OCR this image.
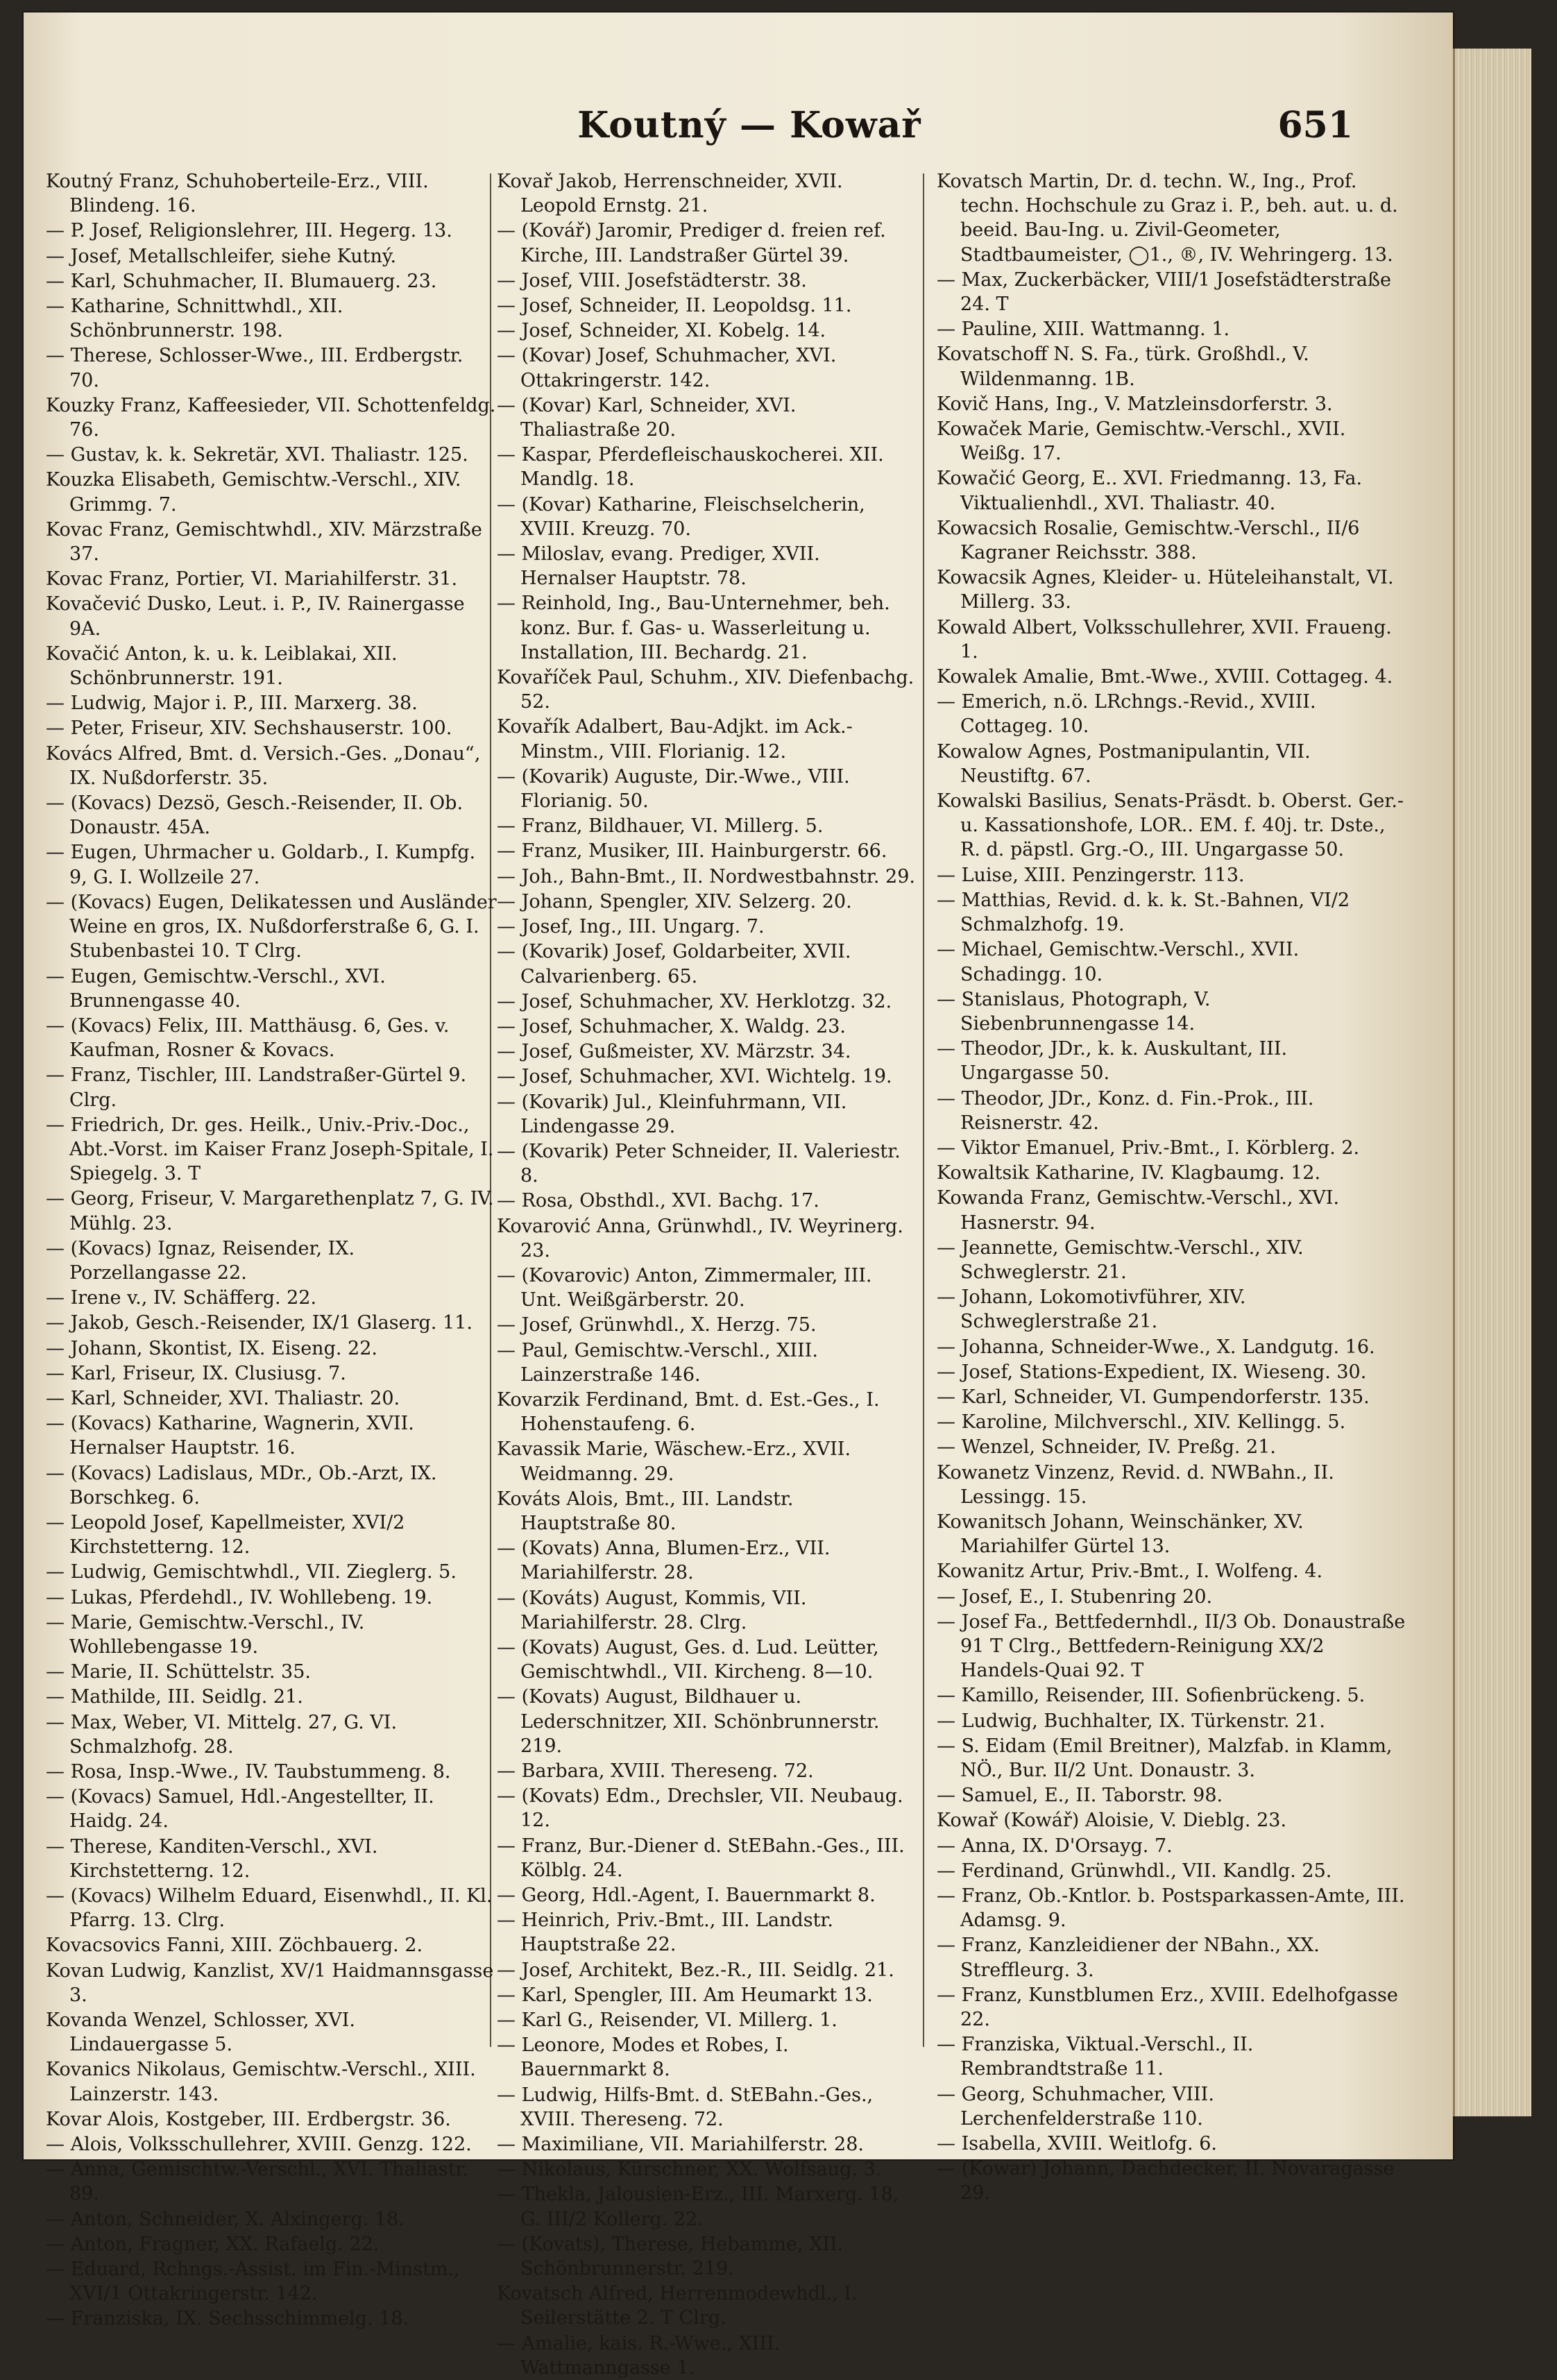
Koutný — Kowař	651
Koutný Franz, Schuhoberteile-Erz., VIII. Blindeng. 16.
— P. Josef, Religionslehrer, III. Hegerg. 13.
— Josef, Metallschleifer, siehe Kutný.
— Karl, Schuhmacher, II. Blumauerg. 23.
— Katharine, Schnittwhdl., XII. Schönbrunnerstr. 198.
— Therese, Schlosser-Wwe., III. Erdbergstr. 70.
Kouzky Franz, Kaffeesieder, VII. Schottenfeldg. 76.
— Gustav, k. k. Sekretär, XVI. Thaliastr. 125.
Kouzka Elisabeth, Gemischtw.-Verschl., XIV. Grimmg. 7.
Kovac Franz, Gemischtwhdl., XIV. Märzstraße 37.
Kovac Franz, Portier, VI. Mariahilferstr. 31.
Kovačević Dusko, Leut. i. P., IV. Rainergasse 9A.
Kovačić Anton, k. u. k. Leiblakai, XII. Schönbrunnerstr. 191.
— Ludwig, Major i. P., III. Marxerg. 38.
— Peter, Friseur, XIV. Sechshauserstr. 100.
Kovács Alfred, Bmt. d. Versich.-Ges. „Donau“, IX. Nußdorferstr. 35.
— (Kovacs) Dezsö, Gesch.-Reisender, II. Ob. Donaustr. 45A.
— Eugen, Uhrmacher u. Goldarb., I. Kumpfg. 9, G. I. Wollzeile 27.
— (Kovacs) Eugen, Delikatessen und Ausländer Weine en gros, IX. Nußdorferstraße 6, G. I. Stubenbastei 10. T Clrg.
— Eugen, Gemischtw.-Verschl., XVI. Brunnengasse 40.
— (Kovacs) Felix, III. Matthäusg. 6, Ges. v. Kaufman, Rosner & Kovacs.
— Franz, Tischler, III. Landstraßer-Gürtel 9. Clrg.
— Friedrich, Dr. ges. Heilk., Univ.-Priv.-Doc., Abt.-Vorst. im Kaiser Franz Joseph-Spitale, I. Spiegelg. 3. T
— Georg, Friseur, V. Margarethenplatz 7, G. IV. Mühlg. 23.
— (Kovacs) Ignaz, Reisender, IX. Porzellangasse 22.
— Irene v., IV. Schäfferg. 22.
— Jakob, Gesch.-Reisender, IX/1 Glaserg. 11.
— Johann, Skontist, IX. Eiseng. 22.
— Karl, Friseur, IX. Clusiusg. 7.
— Karl, Schneider, XVI. Thaliastr. 20.
— (Kovacs) Katharine, Wagnerin, XVII. Hernalser Hauptstr. 16.
— (Kovacs) Ladislaus, MDr., Ob.-Arzt, IX. Borschkeg. 6.
— Leopold Josef, Kapellmeister, XVI/2 Kirchstetterng. 12.
— Ludwig, Gemischtwhdl., VII. Zieglerg. 5.
— Lukas, Pferdehdl., IV. Wohllebeng. 19.
— Marie, Gemischtw.-Verschl., IV. Wohllebengasse 19.
— Marie, II. Schüttelstr. 35.
— Mathilde, III. Seidlg. 21.
— Max, Weber, VI. Mittelg. 27, G. VI. Schmalzhofg. 28.
— Rosa, Insp.-Wwe., IV. Taubstummeng. 8.
— (Kovacs) Samuel, Hdl.-Angestellter, II. Haidg. 24.
— Therese, Kanditen-Verschl., XVI. Kirchstetterng. 12.
— (Kovacs) Wilhelm Eduard, Eisenwhdl., II. Kl. Pfarrg. 13. Clrg.
Kovacsovics Fanni, XIII. Zöchbauerg. 2.
Kovan Ludwig, Kanzlist, XV/1 Haidmannsgasse 3.
Kovanda Wenzel, Schlosser, XVI. Lindauergasse 5.
Kovanics Nikolaus, Gemischtw.-Verschl., XIII. Lainzerstr. 143.
Kovar Alois, Kostgeber, III. Erdbergstr. 36.
— Alois, Volksschullehrer, XVIII. Genzg. 122.
— Anna, Gemischtw.-Verschl., XVI. Thaliastr. 89.
— Anton, Schneider, X. Alxingerg. 18.
— Anton, Fragner, XX. Rafaelg. 22.
— Eduard, Rchngs.-Assist. im Fin.-Minstm., XVI/1 Ottakringerstr. 142.
— Franziska, IX. Sechsschimmelg. 18.
Kovař Jakob, Herrenschneider, XVII. Leopold Ernstg. 21.
— (Kovář) Jaromir, Prediger d. freien ref. Kirche, III. Landstraßer Gürtel 39.
— Josef, VIII. Josefstädterstr. 38.
— Josef, Schneider, II. Leopoldsg. 11.
— Josef, Schneider, XI. Kobelg. 14.
— (Kovar) Josef, Schuhmacher, XVI. Ottakringerstr. 142.
— (Kovar) Karl, Schneider, XVI. Thaliastraße 20.
— Kaspar, Pferdefleischauskocherei. XII. Mandlg. 18.
— (Kovar) Katharine, Fleischselcherin, XVIII. Kreuzg. 70.
— Miloslav, evang. Prediger, XVII. Hernalser Hauptstr. 78.
— Reinhold, Ing., Bau-Unternehmer, beh. konz. Bur. f. Gas- u. Wasserleitung u. Installation, III. Bechardg. 21.
Kovaříček Paul, Schuhm., XIV. Diefenbachg. 52.
Kovařík Adalbert, Bau-Adjkt. im Ack.-Minstm., VIII. Florianig. 12.
— (Kovarik) Auguste, Dir.-Wwe., VIII. Florianig. 50.
— Franz, Bildhauer, VI. Millerg. 5.
— Franz, Musiker, III. Hainburgerstr. 66.
— Joh., Bahn-Bmt., II. Nordwestbahnstr. 29.
— Johann, Spengler, XIV. Selzerg. 20.
— Josef, Ing., III. Ungarg. 7.
— (Kovarik) Josef, Goldarbeiter, XVII. Calvarienberg. 65.
— Josef, Schuhmacher, XV. Herklotzg. 32.
— Josef, Schuhmacher, X. Waldg. 23.
— Josef, Gußmeister, XV. Märzstr. 34.
— Josef, Schuhmacher, XVI. Wichtelg. 19.
— (Kovarik) Jul., Kleinfuhrmann, VII. Lindengasse 29.
— (Kovarik) Peter Schneider, II. Valeriestr. 8.
— Rosa, Obsthdl., XVI. Bachg. 17.
Kovarović Anna, Grünwhdl., IV. Weyrinerg. 23.
— (Kovarovic) Anton, Zimmermaler, III. Unt. Weißgärberstr. 20.
— Josef, Grünwhdl., X. Herzg. 75.
— Paul, Gemischtw.-Verschl., XIII. Lainzerstraße 146.
Kovarzik Ferdinand, Bmt. d. Est.-Ges., I. Hohenstaufeng. 6.
Kavassik Marie, Wäschew.-Erz., XVII. Weidmanng. 29.
Kováts Alois, Bmt., III. Landstr. Hauptstraße 80.
— (Kovats) Anna, Blumen-Erz., VII. Mariahilferstr. 28.
— (Kováts) August, Kommis, VII. Mariahilferstr. 28. Clrg.
— (Kovats) August, Ges. d. Lud. Leütter, Gemischtwhdl., VII. Kircheng. 8—10.
— (Kovats) August, Bildhauer u. Lederschnitzer, XII. Schönbrunnerstr. 219.
— Barbara, XVIII. Thereseng. 72.
— (Kovats) Edm., Drechsler, VII. Neubaug. 12.
— Franz, Bur.-Diener d. StEBahn.-Ges., III. Kölblg. 24.
— Georg, Hdl.-Agent, I. Bauernmarkt 8.
— Heinrich, Priv.-Bmt., III. Landstr. Hauptstraße 22.
— Josef, Architekt, Bez.-R., III. Seidlg. 21.
— Karl, Spengler, III. Am Heumarkt 13.
— Karl G., Reisender, VI. Millerg. 1.
— Leonore, Modes et Robes, I. Bauernmarkt 8.
— Ludwig, Hilfs-Bmt. d. StEBahn.-Ges., XVIII. Thereseng. 72.
— Maximiliane, VII. Mariahilferstr. 28.
— Nikolaus, Kürschner, XX. Wolfsaug. 3.
— Thekla, Jalousien-Erz., III. Marxerg. 18, G. III/2 Kollerg. 22.
— (Kovats), Therese, Hebamme, XII. Schönbrunnerstr. 219.
Kovatsch Alfred, Herrenmodewhdl., I. Seilerstätte 2. T Clrg.
— Amalie, kais. R.-Wwe., XIII. Wattmanngasse 1.
Kovatsch Martin, Dr. d. techn. W., Ing., Prof. techn. Hochschule zu Graz i. P., beh. aut. u. d. beeid. Bau-Ing. u. Zivil-Geometer, Stadtbaumeister, ◯1., ®, IV. Wehringerg. 13.
— Max, Zuckerbäcker, VIII/1 Josefstädterstraße 24. T
— Pauline, XIII. Wattmanng. 1.
Kovatschoff N. S. Fa., türk. Großhdl., V. Wildenmanng. 1B.
Kovič Hans, Ing., V. Matzleinsdorferstr. 3.
Kowaček Marie, Gemischtw.-Verschl., XVII. Weißg. 17.
Kowačić Georg, E.. XVI. Friedmanng. 13, Fa. Viktualienhdl., XVI. Thaliastr. 40.
Kowacsich Rosalie, Gemischtw.-Verschl., II/6 Kagraner Reichsstr. 388.
Kowacsik Agnes, Kleider- u. Hüteleihanstalt, VI. Millerg. 33.
Kowald Albert, Volksschullehrer, XVII. Fraueng. 1.
Kowalek Amalie, Bmt.-Wwe., XVIII. Cottageg. 4.
— Emerich, n.ö. LRchngs.-Revid., XVIII. Cottageg. 10.
Kowalow Agnes, Postmanipulantin, VII. Neustiftg. 67.
Kowalski Basilius, Senats-Präsdt. b. Oberst. Ger.- u. Kassationshofe, LOR.. EM. f. 40j. tr. Dste., R. d. päpstl. Grg.-O., III. Ungargasse 50.
— Luise, XIII. Penzingerstr. 113.
— Matthias, Revid. d. k. k. St.-Bahnen, VI/2 Schmalzhofg. 19.
— Michael, Gemischtw.-Verschl., XVII. Schadingg. 10.
— Stanislaus, Photograph, V. Siebenbrunnengasse 14.
— Theodor, JDr., k. k. Auskultant, III. Ungargasse 50.
— Theodor, JDr., Konz. d. Fin.-Prok., III. Reisnerstr. 42.
— Viktor Emanuel, Priv.-Bmt., I. Körblerg. 2.
Kowaltsik Katharine, IV. Klagbaumg. 12.
Kowanda Franz, Gemischtw.-Verschl., XVI. Hasnerstr. 94.
— Jeannette, Gemischtw.-Verschl., XIV. Schweglerstr. 21.
— Johann, Lokomotivführer, XIV. Schweglerstraße 21.
— Johanna, Schneider-Wwe., X. Landgutg. 16.
— Josef, Stations-Expedient, IX. Wieseng. 30.
— Karl, Schneider, VI. Gumpendorferstr. 135.
— Karoline, Milchverschl., XIV. Kellingg. 5.
— Wenzel, Schneider, IV. Preßg. 21.
Kowanetz Vinzenz, Revid. d. NWBahn., II. Lessingg. 15.
Kowanitsch Johann, Weinschänker, XV. Mariahilfer Gürtel 13.
Kowanitz Artur, Priv.-Bmt., I. Wolfeng. 4.
— Josef, E., I. Stubenring 20.
— Josef Fa., Bettfedernhdl., II/3 Ob. Donaustraße 91 T Clrg., Bettfedern-Reinigung XX/2 Handels-Quai 92. T
— Kamillo, Reisender, III. Sofienbrückeng. 5.
— Ludwig, Buchhalter, IX. Türkenstr. 21.
— S. Eidam (Emil Breitner), Malzfab. in Klamm, NÖ., Bur. II/2 Unt. Donaustr. 3.
— Samuel, E., II. Taborstr. 98.
Kowař (Kowář) Aloisie, V. Dieblg. 23.
— Anna, IX. D'Orsayg. 7.
— Ferdinand, Grünwhdl., VII. Kandlg. 25.
— Franz, Ob.-Kntlor. b. Postsparkassen-Amte, III. Adamsg. 9.
— Franz, Kanzleidiener der NBahn., XX. Streffleurg. 3.
— Franz, Kunstblumen Erz., XVIII. Edelhofgasse 22.
— Franziska, Viktual.-Verschl., II. Rembrandtstraße 11.
— Georg, Schuhmacher, VIII. Lerchenfelderstraße 110.
— Isabella, XVIII. Weitlofg. 6.
— (Kowar) Johann, Dachdecker, II. Novaragasse 29.
